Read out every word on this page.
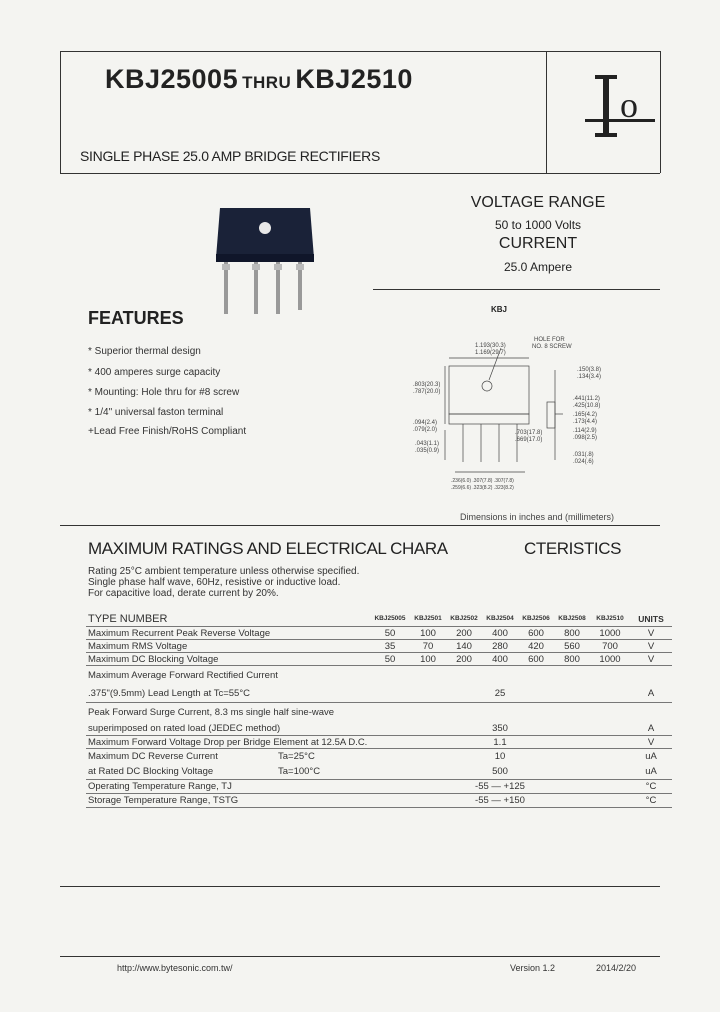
KBJ25005 THRU KBJ2510
SINGLE PHASE 25.0 AMP BRIDGE RECTIFIERS
o
VOLTAGE RANGE
50 to 1000 Volts
CURRENT
25.0 Ampere
FEATURES
* Superior thermal design
* 400 amperes surge capacity
* Mounting: Hole thru for #8 screw
* 1/4" universal faston terminal
+Lead Free Finish/RoHS Compliant
KBJ
1.193(30.3)
1.169(29.7)
HOLE FOR
NO. 8 SCREW
.150(3.8)
.134(3.4)
.803(20.3)
.787(20.0)
.441(11.2)
.425(10.8)
.165(4.2)
.173(4.4)
.114(2.9)
.098(2.5)
.703(17.8)
.669(17.0)
.094(2.4)
.079(2.0)
.043(1.1)
.035(0.9)
.031(.8)
.024(.6)
.236(6.0) .307(7.8) .307(7.8)
.259(6.6) .323(8.2) .323(8.2)
Dimensions in inches and (millimeters)
MAXIMUM RATINGS AND ELECTRICAL CHARA	CTERISTICS
Rating 25°C ambient temperature unless otherwise specified.
Single phase half wave, 60Hz, resistive or inductive load.
For capacitive load, derate current by 20%.
TYPE NUMBER	KBJ25005	KBJ2501	KBJ2502	KBJ2504	KBJ2506	KBJ2508	KBJ2510	UNITS
Maximum Recurrent Peak Reverse Voltage	50	100	200	400	600	800	1000	V
Maximum RMS Voltage	35	70	140	280	420	560	700	V
Maximum DC Blocking Voltage	50	100	200	400	600	800	1000	V
Maximum Average Forward Rectified Current								
.375"(9.5mm) Lead Length at Tc=55°C	25							A
Peak Forward Surge Current, 8.3 ms single half sine-wave								
superimposed on rated load (JEDEC method)	350							A
Maximum Forward Voltage Drop per Bridge Element at 12.5A D.C.	1.1							V
Maximum DC Reverse Current Ta=25°C	10							uA
at Rated DC Blocking Voltage Ta=100°C	500							uA
Operating Temperature Range, TJ	-55 — +125							°C
Storage Temperature Range, TSTG	-55 — +150							°C
http://www.bytesonic.com.tw/	Version 1.2	2014/2/20
